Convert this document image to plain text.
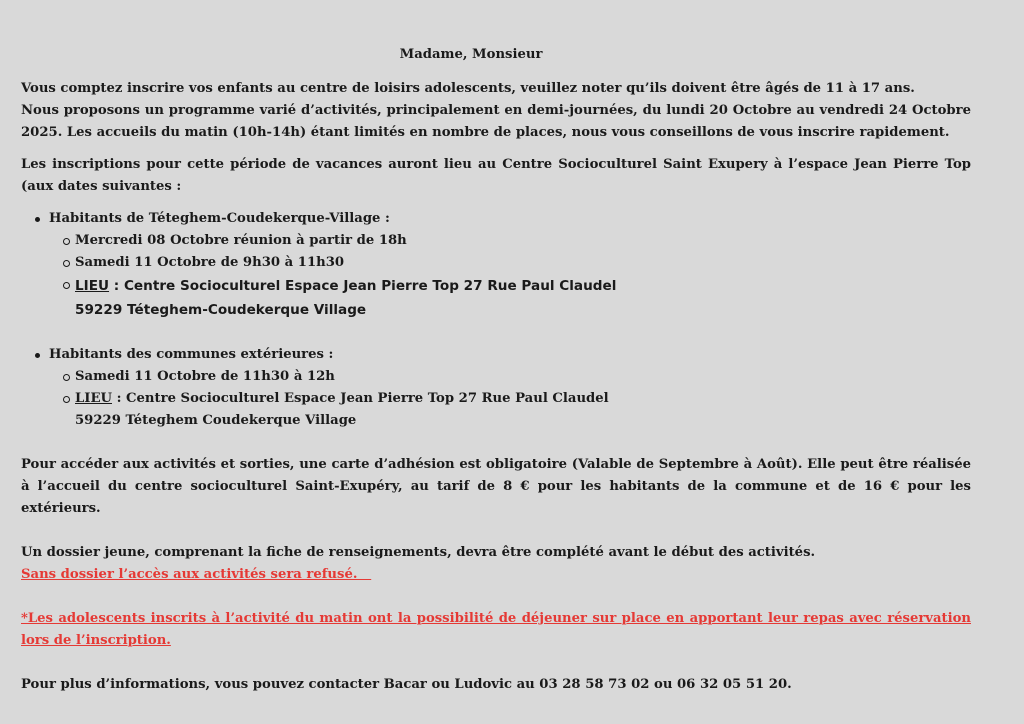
Madame, Monsieur

Vous comptez inscrire vos enfants au centre de loisirs adolescents, veuillez noter qu’ils doivent être âgés de 11 à 17 ans.

Nous proposons un programme varié d’activités, principalement en demi-journées, du lundi 20 Octobre au vendredi 24 Octobre 2025. Les accueils du matin (10h-14h) étant limités en nombre de places, nous vous conseillons de vous inscrire rapidement.

Les inscriptions pour cette période de vacances auront lieu au Centre Socioculturel Saint Exupery à l’espace Jean Pierre Top (aux dates suivantes :

Habitants de Téteghem-Coudekerque-Village :
Mercredi 08 Octobre réunion à partir de 18h
Samedi 11 Octobre de 9h30 à 11h30
LIEU : Centre Socioculturel Espace Jean Pierre Top 27 Rue Paul Claudel
59229 Téteghem-Coudekerque Village
Habitants des communes extérieures :
Samedi 11 Octobre de 11h30 à 12h
LIEU : Centre Socioculturel Espace Jean Pierre Top 27 Rue Paul Claudel
59229 Téteghem Coudekerque Village

Pour accéder aux activités et sorties, une carte d’adhésion est obligatoire (Valable de Septembre à Août). Elle peut être réalisée à l’accueil du centre socioculturel Saint-Exupéry, au tarif de 8 € pour les habitants de la commune et de 16 € pour les extérieurs.

Un dossier jeune, comprenant la fiche de renseignements, devra être complété avant le début des activités.

Sans dossier l’accès aux activités sera refusé.

*Les adolescents inscrits à l’activité du matin ont la possibilité de déjeuner sur place en apportant leur repas avec réservation lors de l’inscription.

Pour plus d’informations, vous pouvez contacter Bacar ou Ludovic au 03 28 58 73 02 ou 06 32 05 51 20.
